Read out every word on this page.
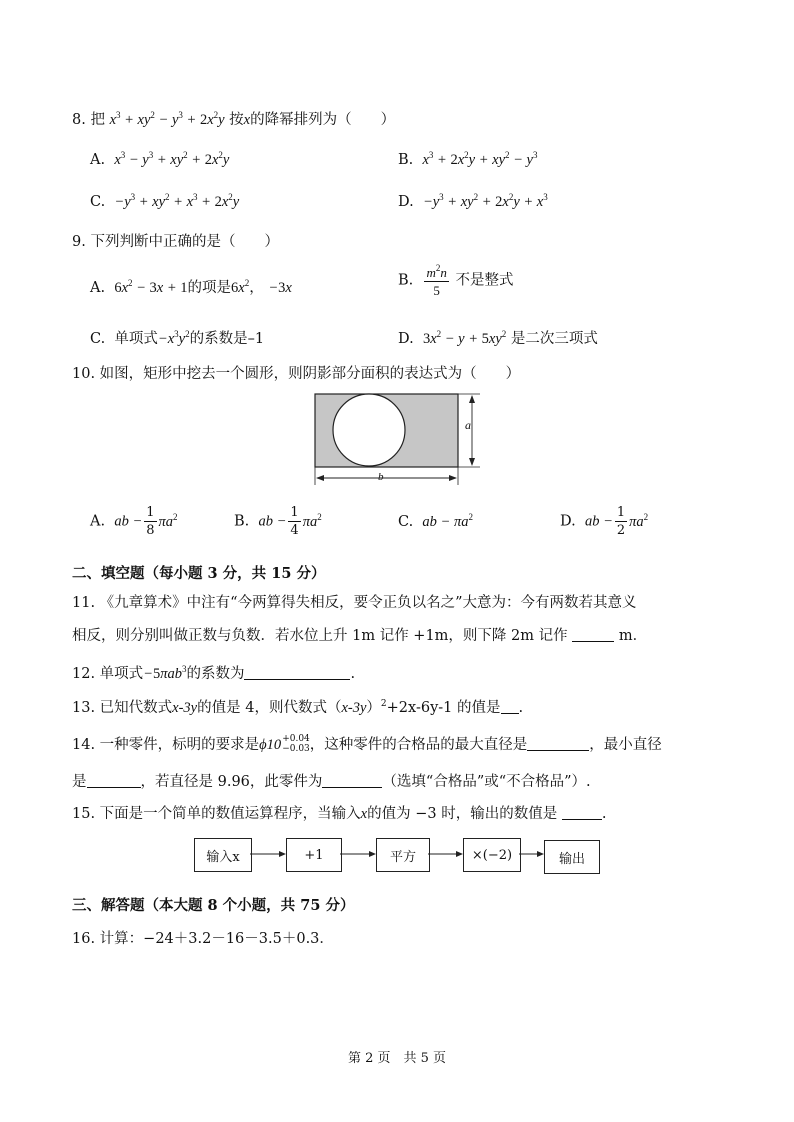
8. 把 $x^3 + xy^2 - y^3 + 2x^2y$ 按x的降幂排列为（　　）
A. $x^3 - y^3 + xy^2 + 2x^2y$	B. $x^3 + 2x^2y + xy^2 - y^3$
C. $-y^3 + xy^2 + x^3 + 2x^2y$	D. $-y^3 + xy^2 + 2x^2y + x^3$
9. 下列判断中正确的是（　　）
A. $6x^2 - 3x + 1$的项是$6x^2$， −3x	B. $\frac{m^2n}{5}$ 不是整式
C. 单项式$-x^3y^2$的系数是–1	D. $3x^2 - y + 5xy^2$ 是二次三项式
10. 如图，矩形中挖去一个圆形，则阴影部分面积的表达式为（　　）
a
b
A. ab − $\frac{1}{8} \pi a^2$	B. ab − $\frac{1}{4} \pi a^2$	C. ab − $\pi a^2$	D. ab − $\frac{1}{2} \pi a^2$
二、填空题（每小题 3 分，共 15 分）
11. 《九章算术》中注有“今两算得失相反，要令正负以名之”大意为：今有两数若其意义
相反，则分别叫做正数与负数．若水位上升 1m 记作 +1m，则下降 2m 记作	m．
12. 单项式−5πab$^3$的系数为	.
13. 已知代数式x-3y的值是 4，则代数式$(x-3y)^2+2x-6y-1$ 的值是 .
14. 一种零件，标明的要求是ϕ10 +0.04
−0.03 ，这种零件的合格品的最大直径是	，最小直径
是	，若直径是 9.96，此零件为	（选填“合格品”或“不合格品”）.
15. 下面是一个简单的数值运算程序，当输入x的值为 −3 时，输出的数值是	.
输入x	+1	平方	×(−2)	输出
三、解答题（本大题 8 个小题，共 75 分）
16. 计算：−24＋3.2－16－3.5＋0.3．
第 2 页　共 5 页
